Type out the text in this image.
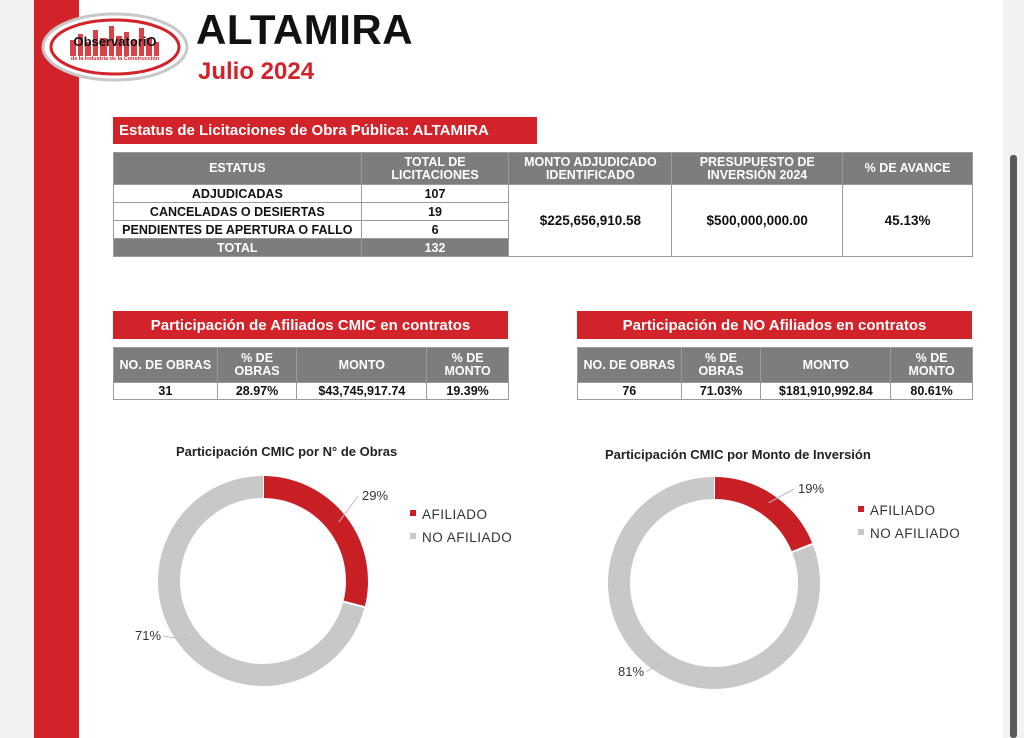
ObservatoriO
de la Industria de la Construcción
ALTAMIRA
Julio 2024
Estatus de Licitaciones de Obra Pública: ALTAMIRA
ESTATUS	TOTAL DE LICITACIONES	MONTO ADJUDICADO IDENTIFICADO	PRESUPUESTO DE INVERSIÓN 2024	% DE AVANCE
ADJUDICADAS	107	$225,656,910.58	$500,000,000.00	45.13%
CANCELADAS O DESIERTAS	19			
PENDIENTES DE APERTURA O FALLO	6			
TOTAL	132			
Participación de Afiliados CMIC en contratos
NO. DE OBRAS	% DE OBRAS	MONTO	% DE MONTO
31	28.97%	$43,745,917.74	19.39%
Participación de NO Afiliados en contratos
NO. DE OBRAS	% DE OBRAS	MONTO	% DE MONTO
76	71.03%	$181,910,992.84	80.61%
Participación CMIC por N° de Obras
29%
71%
AFILIADO
NO AFILIADO
Participación CMIC por Monto de Inversión
19%
81%
AFILIADO
NO AFILIADO
